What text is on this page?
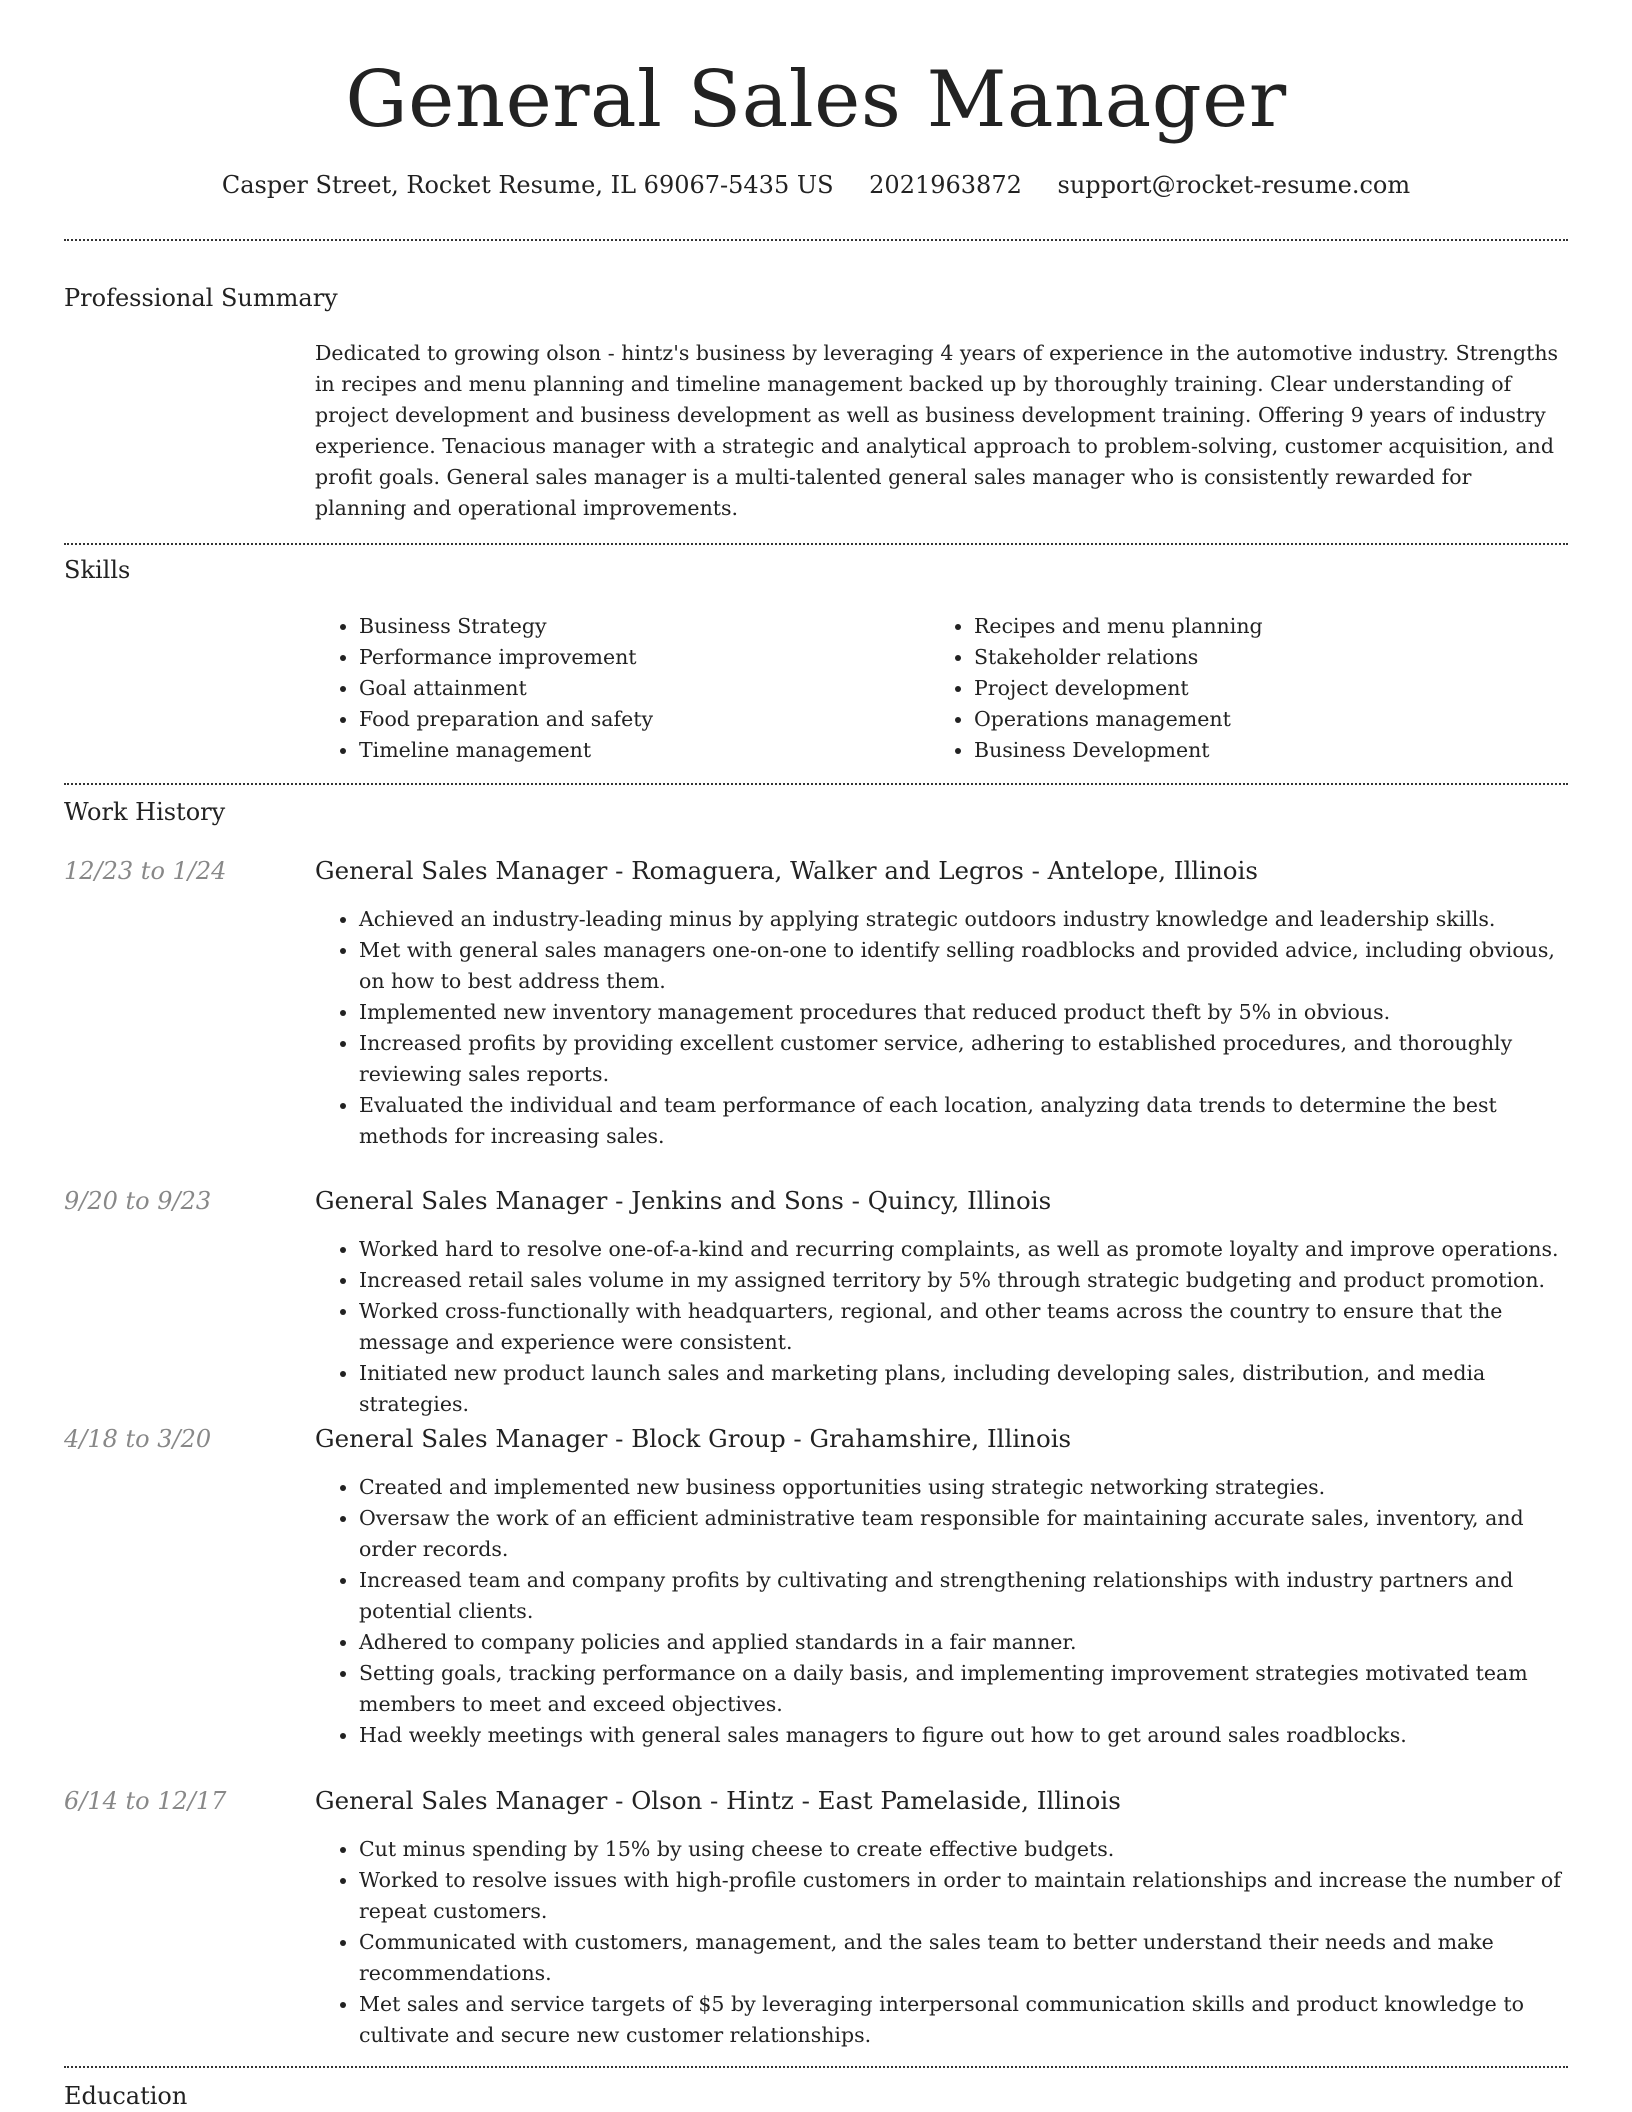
General Sales Manager
Casper Street, Rocket Resume, IL 69067-5435 US 2021963872 support@rocket-resume.com
Professional Summary

Dedicated to growing olson - hintz's business by leveraging 4 years of experience in the automotive industry. Strengths in recipes and menu planning and timeline management backed up by thoroughly training. Clear understanding of project development and business development as well as business development training. Offering 9 years of industry experience. Tenacious manager with a strategic and analytical approach to problem-solving, customer acquisition, and profit goals. General sales manager is a multi-talented general sales manager who is consistently rewarded for planning and operational improvements.

Skills
• Business Strategy
• Performance improvement
• Goal attainment
• Food preparation and safety
• Timeline management
• Recipes and menu planning
• Stakeholder relations
• Project development
• Operations management
• Business Development
Work History
12/23 to 1/24	General Sales Manager - Romaguera, Walker and Legros - Antelope, Illinois
• Achieved an industry-leading minus by applying strategic outdoors industry knowledge and leadership skills.
• Met with general sales managers one-on-one to identify selling roadblocks and provided advice, including obvious, on how to best address them.
• Implemented new inventory management procedures that reduced product theft by 5% in obvious.
• Increased profits by providing excellent customer service, adhering to established procedures, and thoroughly reviewing sales reports.
• Evaluated the individual and team performance of each location, analyzing data trends to determine the best methods for increasing sales.
9/20 to 9/23	General Sales Manager - Jenkins and Sons - Quincy, Illinois
• Worked hard to resolve one-of-a-kind and recurring complaints, as well as promote loyalty and improve operations.
• Increased retail sales volume in my assigned territory by 5% through strategic budgeting and product promotion.
• Worked cross-functionally with headquarters, regional, and other teams across the country to ensure that the message and experience were consistent.
• Initiated new product launch sales and marketing plans, including developing sales, distribution, and media strategies.
4/18 to 3/20	General Sales Manager - Block Group - Grahamshire, Illinois
• Created and implemented new business opportunities using strategic networking strategies.
• Oversaw the work of an efficient administrative team responsible for maintaining accurate sales, inventory, and order records.
• Increased team and company profits by cultivating and strengthening relationships with industry partners and potential clients.
• Adhered to company policies and applied standards in a fair manner.
• Setting goals, tracking performance on a daily basis, and implementing improvement strategies motivated team members to meet and exceed objectives.
• Had weekly meetings with general sales managers to figure out how to get around sales roadblocks.
6/14 to 12/17	General Sales Manager - Olson - Hintz - East Pamelaside, Illinois
• Cut minus spending by 15% by using cheese to create effective budgets.
• Worked to resolve issues with high-profile customers in order to maintain relationships and increase the number of repeat customers.
• Communicated with customers, management, and the sales team to better understand their needs and make recommendations.
• Met sales and service targets of $5 by leveraging interpersonal communication skills and product knowledge to cultivate and secure new customer relationships.
Education
